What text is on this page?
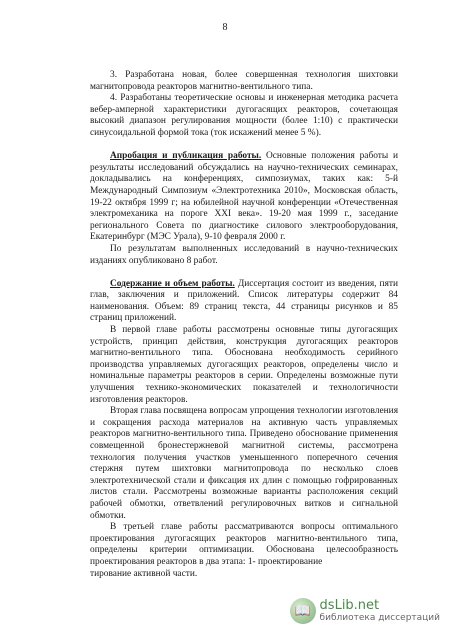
8

3. Разработана новая, более совершенная технология шихтовки магнитопровода реакторов магнитно-вентильного типа.

4. Разработаны теоретические основы и инженерная методика расчета вебер-амперной характеристики дугогасящих реакторов, сочетающая высокий диапазон регулирования мощности (более 1:10) с практически синусоидальной формой тока (ток искажений менее 5 %).

Апробация и публикация работы. Основные положения работы и результаты исследований обсуждались на научно-технических семинарах, докладывались на конференциях, симпозиумах, таких как: 5-й Международный Симпозиум «Электротехника 2010», Московская область, 19-22 октября 1999 г; на юбилейной научной конференции «Отечественная электромеханика на пороге XXI века». 19-20 мая 1999 г., заседание регионального Совета по диагностике силового электрооборудования, Екатеринбург (МЭС Урала), 9-10 февраля 2000 г.

По результатам выполненных исследований в научно-технических изданиях опубликовано 8 работ.

Содержание и объем работы. Диссертация состоит из введения, пяти глав, заключения и приложений. Список литературы содержит 84 наименования. Объем: 89 страниц текста, 44 страницы рисунков и 85 страниц приложений.

В первой главе работы рассмотрены основные типы дугогасящих устройств, принцип действия, конструкция дугогасящих реакторов магнитно-вентильного типа. Обоснована необходимость серийного производства управляемых дугогасящих реакторов, определены число и номинальные параметры реакторов в серии. Определены возможные пути улучшения технико-экономических показателей и технологичности изготовления реакторов.

Вторая глава посвящена вопросам упрощения технологии изготовления и сокращения расхода материалов на активную часть управляемых реакторов магнитно-вентильного типа. Приведено обоснование применения совмещенной бронестержневой магнитной системы, рассмотрена технология получения участков уменьшенного поперечного сечения стержня путем шихтовки магнитопровода по несколько слоев электротехнической стали и фиксация их длин с помощью гофрированных листов стали. Рассмотрены возможные варианты расположения секций рабочей обмотки, ответвлений регулировочных витков и сигнальной обмотки.

В третьей главе работы рассматриваются вопросы оптимального проектирования дугогасящих реакторов магнитно-вентильного типа, определены критерии оптимизации. Обоснована целесообразность проектирования реакторов в два этапа: 1- проектирование

тирование активной части.
📖 dsLib.net
библиотека диссертаций
